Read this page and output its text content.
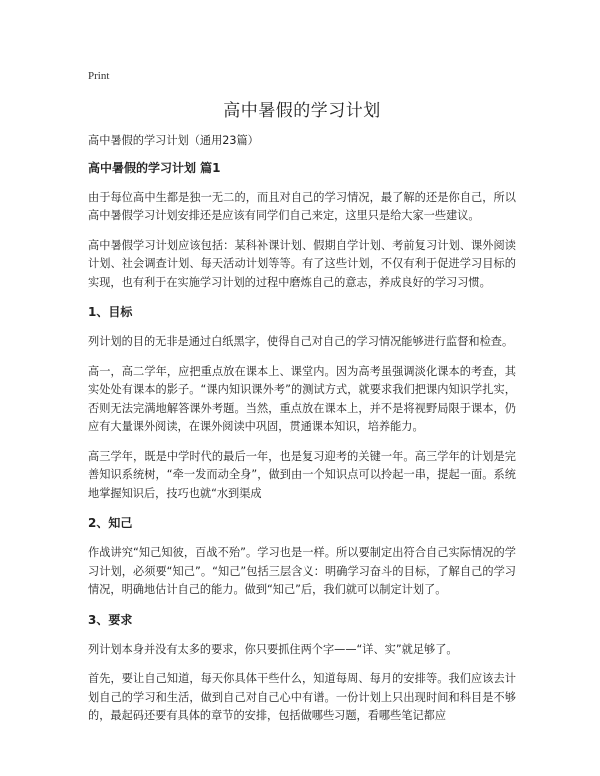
Print
高中暑假的学习计划

高中暑假的学习计划（通用23篇）

高中暑假的学习计划 篇1

由于每位高中生都是独一无二的，而且对自己的学习情况，最了解的还是你自己，所以高中暑假学习计划安排还是应该有同学们自己来定，这里只是给大家一些建议。

高中暑假学习计划应该包括：某科补课计划、假期自学计划、考前复习计划、课外阅读计划、社会调查计划、每天活动计划等等。有了这些计划，不仅有利于促进学习目标的实现，也有利于在实施学习计划的过程中磨炼自己的意志，养成良好的学习习惯。

1、目标

列计划的目的无非是通过白纸黑字，使得自己对自己的学习情况能够进行监督和检查。

高一，高二学年，应把重点放在课本上、课堂内。因为高考虽强调淡化课本的考查，其实处处有课本的影子。“课内知识课外考”的测试方式，就要求我们把课内知识学扎实，否则无法完满地解答课外考题。当然，重点放在课本上，并不是将视野局限于课本，仍应有大量课外阅读，在课外阅读中巩固，贯通课本知识，培养能力。

高三学年，既是中学时代的最后一年，也是复习迎考的关键一年。高三学年的计划是完善知识系统树，“牵一发而动全身”，做到由一个知识点可以拎起一串，提起一面。系统地掌握知识后，技巧也就“水到渠成

2、知己

作战讲究“知己知彼，百战不殆”。学习也是一样。所以要制定出符合自己实际情况的学习计划，必须要“知己”。“知己”包括三层含义：明确学习奋斗的目标，了解自己的学习情况，明确地估计自己的能力。做到“知己”后，我们就可以制定计划了。

3、要求

列计划本身并没有太多的要求，你只要抓住两个字——“详、实”就足够了。

首先，要让自己知道，每天你具体干些什么，知道每周、每月的安排等。我们应该去计划自己的学习和生活，做到自己对自己心中有谱。一份计划上只出现时间和科目是不够的，最起码还要有具体的章节的安排，包括做哪些习题，看哪些笔记都应
